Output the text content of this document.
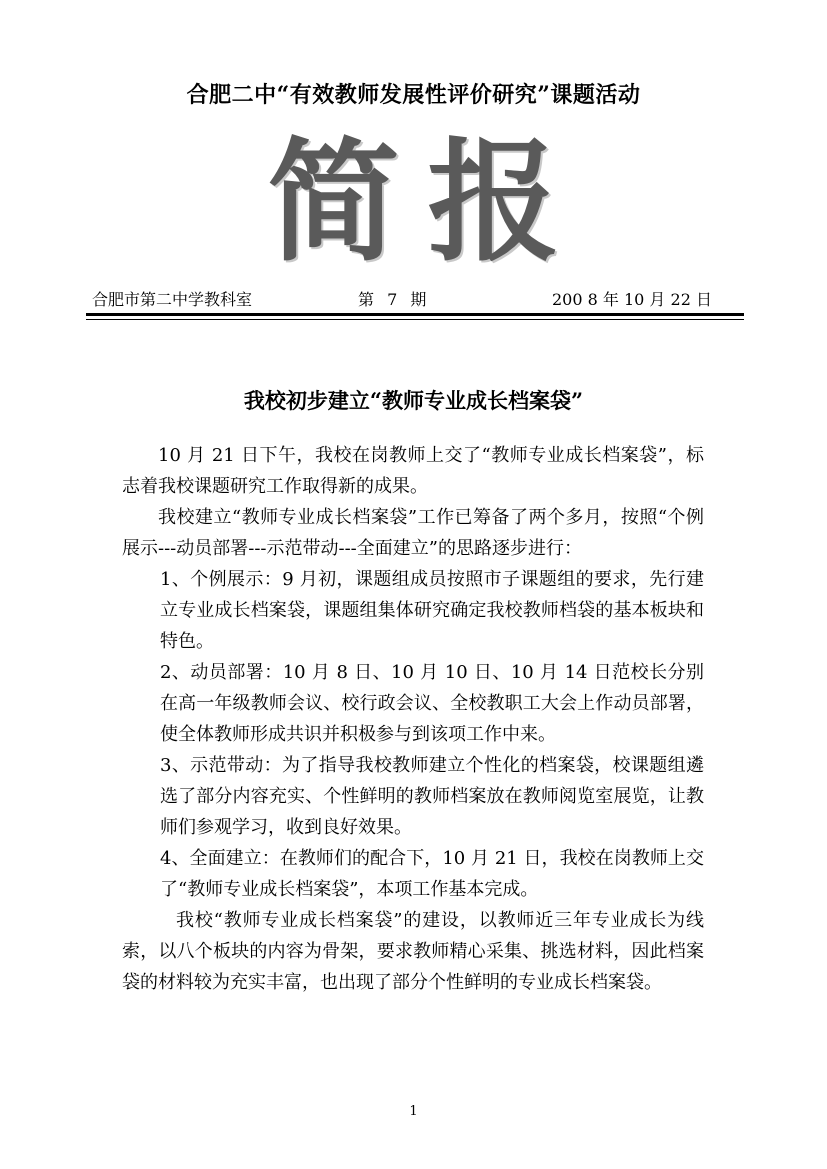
合肥二中“有效教师发展性评价研究”课题活动
简 报
合肥市第二中学教科室	第 7 期	200 8 年 10 月 22 日
我校初步建立“教师专业成长档案袋”

10 月 21 日下午，我校在岗教师上交了“教师专业成长档案袋”，标志着我校课题研究工作取得新的成果。

我校建立“教师专业成长档案袋”工作已筹备了两个多月，按照“个例展示---动员部署---示范带动---全面建立”的思路逐步进行：

1、个例展示：9 月初，课题组成员按照市子课题组的要求，先行建立专业成长档案袋，课题组集体研究确定我校教师档袋的基本板块和特色。

2、动员部署：10 月 8 日、10 月 10 日、10 月 14 日范校长分别在高一年级教师会议、校行政会议、全校教职工大会上作动员部署，使全体教师形成共识并积极参与到该项工作中来。

3、示范带动：为了指导我校教师建立个性化的档案袋，校课题组遴选了部分内容充实、个性鲜明的教师档案放在教师阅览室展览，让教师们参观学习，收到良好效果。

4、全面建立：在教师们的配合下，10 月 21 日，我校在岗教师上交了“教师专业成长档案袋”，本项工作基本完成。

我校“教师专业成长档案袋”的建设，以教师近三年专业成长为线索，以八个板块的内容为骨架，要求教师精心采集、挑选材料，因此档案袋的材料较为充实丰富，也出现了部分个性鲜明的专业成长档案袋。

1
